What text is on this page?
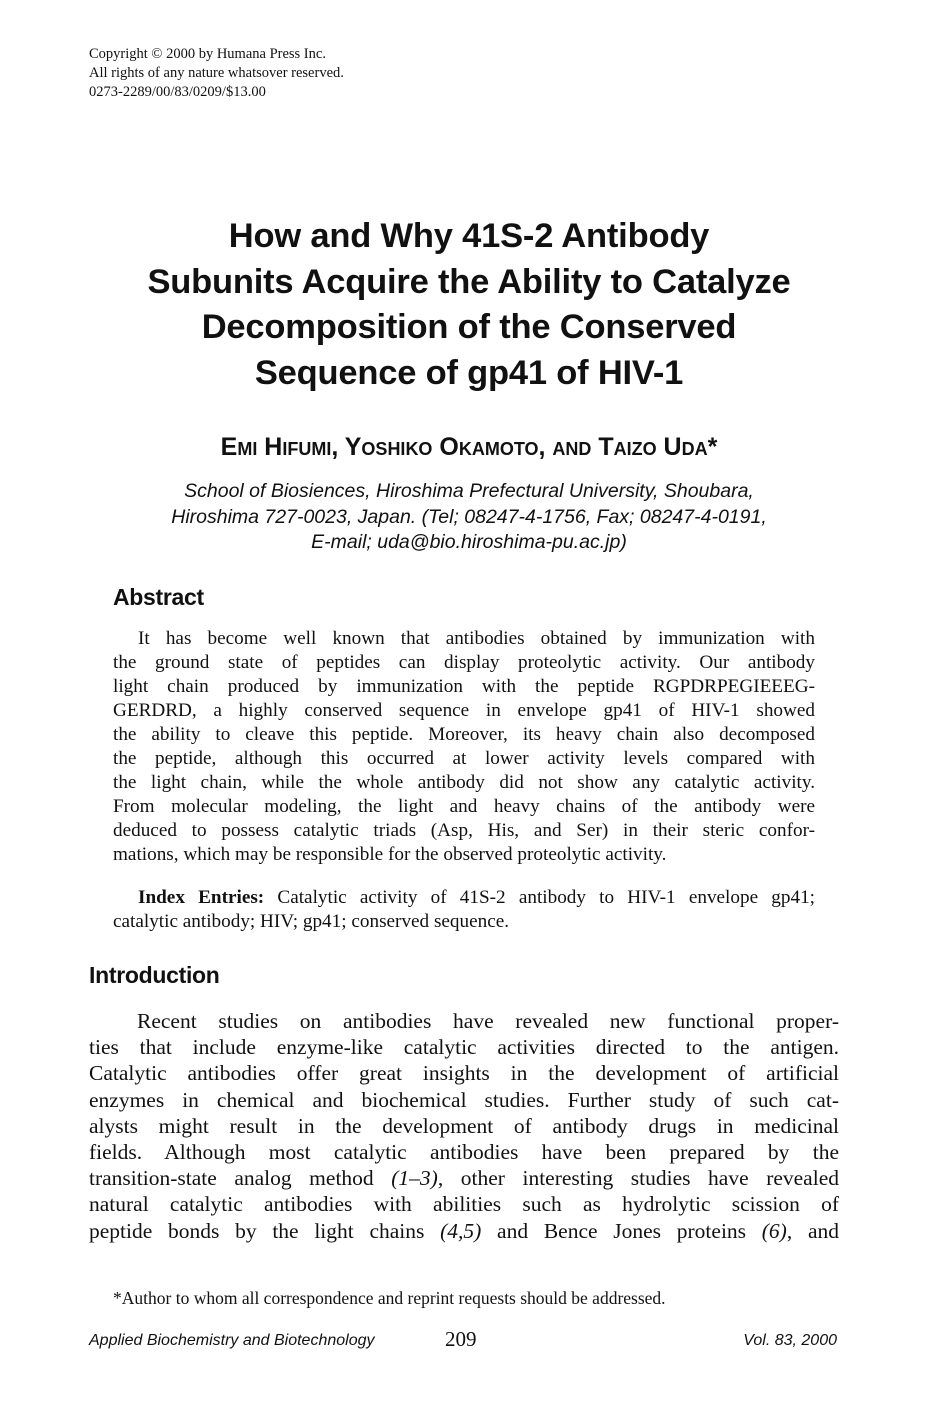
Copyright © 2000 by Humana Press Inc.
All rights of any nature whatsover reserved.
0273-2289/00/83/0209/$13.00
How and Why 41S-2 Antibody
Subunits Acquire the Ability to Catalyze
Decomposition of the Conserved
Sequence of gp41 of HIV-1
Emi Hifumi, Yoshiko Okamoto, and Taizo Uda*
School of Biosiences, Hiroshima Prefectural University, Shoubara,
Hiroshima 727-0023, Japan. (Tel; 08247-4-1756, Fax; 08247-4-0191,
E-mail; uda@bio.hiroshima-pu.ac.jp)
Abstract
It has become well known that antibodies obtained by immunization with
the ground state of peptides can display proteolytic activity. Our antibody
light chain produced by immunization with the peptide RGPDRPEGIEEEG-
GERDRD, a highly conserved sequence in envelope gp41 of HIV-1 showed
the ability to cleave this peptide. Moreover, its heavy chain also decomposed
the peptide, although this occurred at lower activity levels compared with
the light chain, while the whole antibody did not show any catalytic activity.
From molecular modeling, the light and heavy chains of the antibody were
deduced to possess catalytic triads (Asp, His, and Ser) in their steric confor-
mations, which may be responsible for the observed proteolytic activity.
Index Entries: Catalytic activity of 41S-2 antibody to HIV-1 envelope gp41;
catalytic antibody; HIV; gp41; conserved sequence.
Introduction
Recent studies on antibodies have revealed new functional proper-
ties that include enzyme-like catalytic activities directed to the antigen.
Catalytic antibodies offer great insights in the development of artificial
enzymes in chemical and biochemical studies. Further study of such cat-
alysts might result in the development of antibody drugs in medicinal
fields. Although most catalytic antibodies have been prepared by the
transition-state analog method (1–3), other interesting studies have revealed
natural catalytic antibodies with abilities such as hydrolytic scission of
peptide bonds by the light chains (4,5) and Bence Jones proteins (6), and
*Author to whom all correspondence and reprint requests should be addressed.
Applied Biochemistry and Biotechnology	209	Vol. 83, 2000
